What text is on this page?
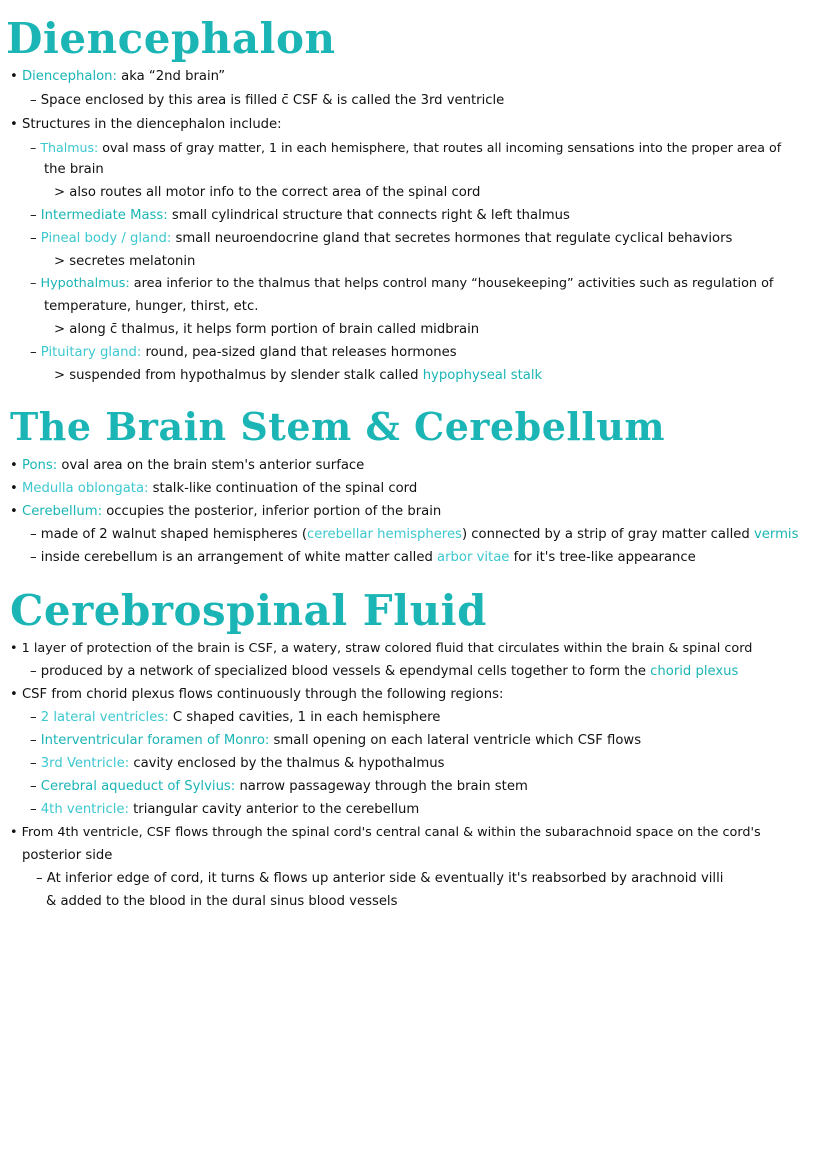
Diencephalon
• Diencephalon: aka “2nd brain”
– Space enclosed by this area is filled c̄ CSF & is called the 3rd ventricle
• Structures in the diencephalon include:
– Thalmus: oval mass of gray matter, 1 in each hemisphere, that routes all incoming sensations into the proper area of
the brain
> also routes all motor info to the correct area of the spinal cord
– Intermediate Mass: small cylindrical structure that connects right & left thalmus
– Pineal body / gland: small neuroendocrine gland that secretes hormones that regulate cyclical behaviors
> secretes melatonin
– Hypothalmus: area inferior to the thalmus that helps control many “housekeeping” activities such as regulation of
temperature, hunger, thirst, etc.
> along c̄ thalmus, it helps form portion of brain called midbrain
– Pituitary gland: round, pea-sized gland that releases hormones
> suspended from hypothalmus by slender stalk called hypophyseal stalk
The Brain Stem & Cerebellum
• Pons: oval area on the brain stem's anterior surface
• Medulla oblongata: stalk-like continuation of the spinal cord
• Cerebellum: occupies the posterior, inferior portion of the brain
– made of 2 walnut shaped hemispheres (cerebellar hemispheres) connected by a strip of gray matter called vermis
– inside cerebellum is an arrangement of white matter called arbor vitae for it's tree-like appearance
Cerebrospinal Fluid
• 1 layer of protection of the brain is CSF, a watery, straw colored fluid that circulates within the brain & spinal cord
– produced by a network of specialized blood vessels & ependymal cells together to form the chorid plexus
• CSF from chorid plexus flows continuously through the following regions:
– 2 lateral ventricles: C shaped cavities, 1 in each hemisphere
– Interventricular foramen of Monro: small opening on each lateral ventricle which CSF flows
– 3rd Ventricle: cavity enclosed by the thalmus & hypothalmus
– Cerebral aqueduct of Sylvius: narrow passageway through the brain stem
– 4th ventricle: triangular cavity anterior to the cerebellum
• From 4th ventricle, CSF flows through the spinal cord's central canal & within the subarachnoid space on the cord's
posterior side
– At inferior edge of cord, it turns & flows up anterior side & eventually it's reabsorbed by arachnoid villi
& added to the blood in the dural sinus blood vessels
